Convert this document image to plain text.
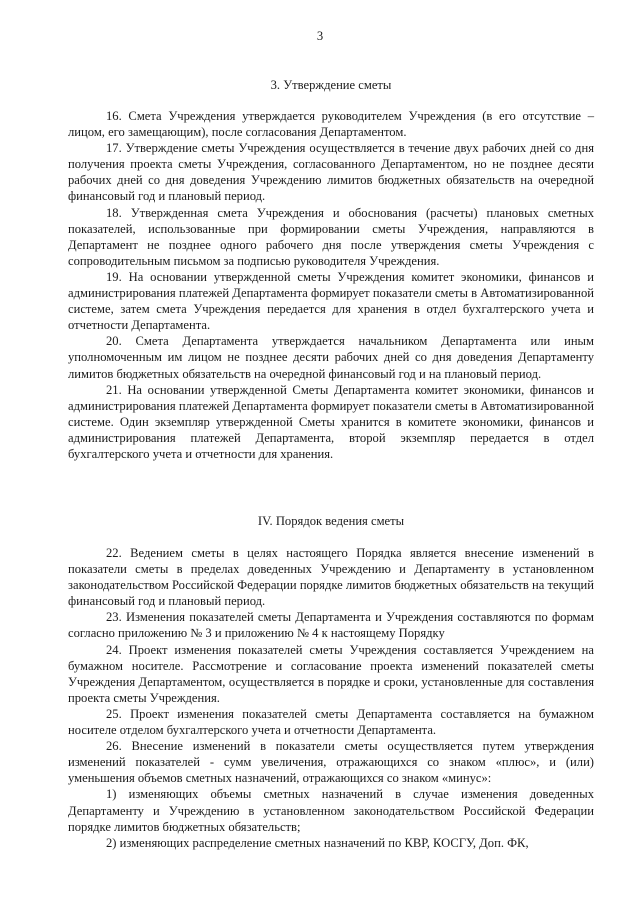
3

3. Утверждение сметы

16. Смета Учреждения утверждается руководителем Учреждения (в его отсутствие – лицом, его замещающим), после согласования Департаментом.

17. Утверждение сметы Учреждения осуществляется в течение двух рабочих дней со дня получения проекта сметы Учреждения, согласованного Департаментом, но не позднее десяти рабочих дней со дня доведения Учреждению лимитов бюджетных обязательств на очередной финансовый год и плановый период.

18. Утвержденная смета Учреждения и обоснования (расчеты) плановых сметных показателей, использованные при формировании сметы Учреждения, направляются в Департамент не позднее одного рабочего дня после утверждения сметы Учреждения с сопроводительным письмом за подписью руководителя Учреждения.

19. На основании утвержденной сметы Учреждения комитет экономики, финансов и администрирования платежей Департамента формирует показатели сметы в Автоматизированной системе, затем смета Учреждения передается для хранения в отдел бухгалтерского учета и отчетности Департамента.

20. Смета Департамента утверждается начальником Департамента или иным уполномоченным им лицом не позднее десяти рабочих дней со дня доведения Департаменту лимитов бюджетных обязательств на очередной финансовый год и на плановый период.

21. На основании утвержденной Сметы Департамента комитет экономики, финансов и администрирования платежей Департамента формирует показатели сметы в Автоматизированной системе. Один экземпляр утвержденной Сметы хранится в комитете экономики, финансов и администрирования платежей Департамента, второй экземпляр передается в отдел бухгалтерского учета и отчетности для хранения.

IV. Порядок ведения сметы

22. Ведением сметы в целях настоящего Порядка является внесение изменений в показатели сметы в пределах доведенных Учреждению и Департаменту в установленном законодательством Российской Федерации порядке лимитов бюджетных обязательств на текущий финансовый год и плановый период.

23. Изменения показателей сметы Департамента и Учреждения составляются по формам согласно приложению № 3 и приложению № 4 к настоящему Порядку

24. Проект изменения показателей сметы Учреждения составляется Учреждением на бумажном носителе. Рассмотрение и согласование проекта изменений показателей сметы Учреждения Департаментом, осуществляется в порядке и сроки, установленные для составления проекта сметы Учреждения.

25. Проект изменения показателей сметы Департамента составляется на бумажном носителе отделом бухгалтерского учета и отчетности Департамента.

26. Внесение изменений в показатели сметы осуществляется путем утверждения изменений показателей - сумм увеличения, отражающихся со знаком «плюс», и (или) уменьшения объемов сметных назначений, отражающихся со знаком «минус»:

1) изменяющих объемы сметных назначений в случае изменения доведенных Департаменту и Учреждению в установленном законодательством Российской Федерации порядке лимитов бюджетных обязательств;

2) изменяющих распределение сметных назначений по КВР, КОСГУ, Доп. ФК,
